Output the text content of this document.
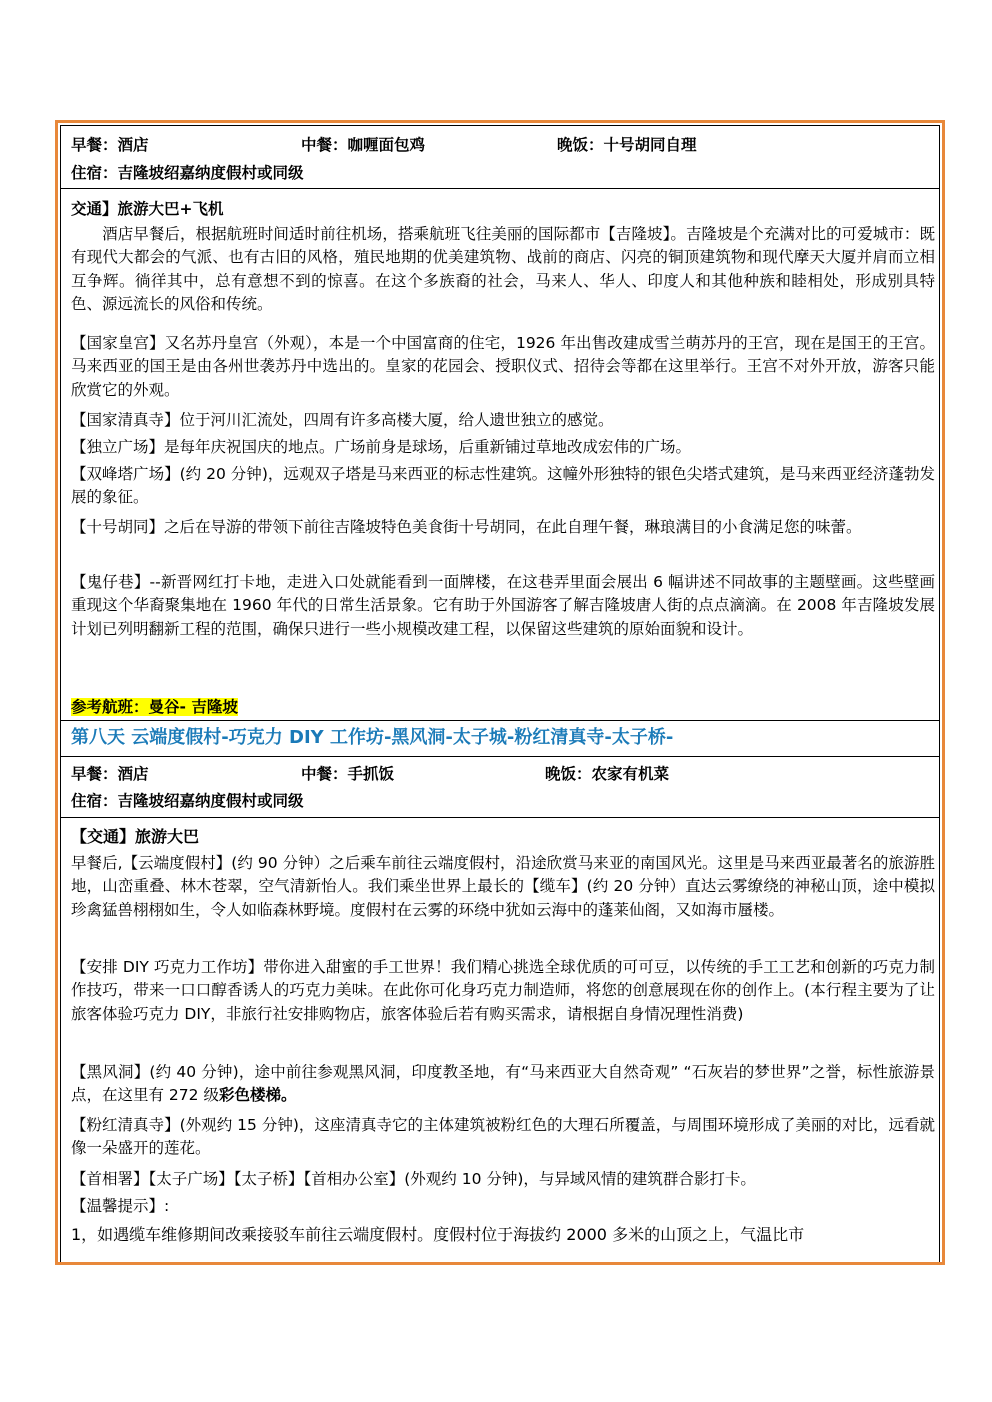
早餐：酒店	中餐：咖喱面包鸡	晚饭：十号胡同自理
住宿：吉隆坡绍嘉纳度假村或同级
交通】旅游大巴+飞机
　　酒店早餐后，根据航班时间适时前往机场，搭乘航班飞往美丽的国际都市【吉隆坡】。吉隆坡是个充满对比的可爱城市：既有现代大都会的气派、也有古旧的风格，殖民地期的优美建筑物、战前的商店、闪亮的铜顶建筑物和现代摩天大厦并肩而立相互争辉。徜徉其中，总有意想不到的惊喜。在这个多族裔的社会，马来人、华人、印度人和其他种族和睦相处，形成别具特色、源远流长的风俗和传统。
【国家皇宫】又名苏丹皇宫（外观），本是一个中国富商的住宅，1926 年出售改建成雪兰萌苏丹的王宫，现在是国王的王宫。马来西亚的国王是由各州世袭苏丹中选出的。皇家的花园会、授职仪式、招待会等都在这里举行。王宫不对外开放，游客只能欣赏它的外观。
【国家清真寺】位于河川汇流处，四周有许多高楼大厦，给人遗世独立的感觉。
【独立广场】是每年庆祝国庆的地点。广场前身是球场，后重新铺过草地改成宏伟的广场。
【双峰塔广场】(约 20 分钟)，远观双子塔是马来西亚的标志性建筑。这幢外形独特的银色尖塔式建筑，是马来西亚经济蓬勃发展的象征。
【十号胡同】之后在导游的带领下前往吉隆坡特色美食街十号胡同，在此自理午餐，琳琅满目的小食满足您的味蕾。
【鬼仔巷】--新晋网红打卡地，走进入口处就能看到一面牌楼，在这巷弄里面会展出 6 幅讲述不同故事的主题壁画。这些壁画重现这个华裔聚集地在 1960 年代的日常生活景象。它有助于外国游客了解吉隆坡唐人街的点点滴滴。在 2008 年吉隆坡发展计划已列明翻新工程的范围，确保只进行一些小规模改建工程，以保留这些建筑的原始面貌和设计。
参考航班：曼谷- 吉隆坡
第八天 云端度假村-巧克力 DIY 工作坊-黑风洞-太子城-粉红清真寺-太子桥-
早餐：酒店	中餐：手抓饭	晚饭：农家有机菜
住宿：吉隆坡绍嘉纳度假村或同级
【交通】旅游大巴
早餐后,【云端度假村】(约 90 分钟）之后乘车前往云端度假村，沿途欣赏马来亚的南国风光。这里是马来西亚最著名的旅游胜地，山峦重叠、林木苍翠，空气清新怡人。我们乘坐世界上最长的【缆车】(约 20 分钟）直达云雾缭绕的神秘山顶，途中模拟珍禽猛兽栩栩如生，令人如临森林野境。度假村在云雾的环绕中犹如云海中的蓬莱仙阁，又如海市蜃楼。
【安排 DIY 巧克力工作坊】带你进入甜蜜的手工世界！我们精心挑选全球优质的可可豆，以传统的手工工艺和创新的巧克力制作技巧，带来一口口醇香诱人的巧克力美味。在此你可化身巧克力制造师，将您的创意展现在你的创作上。(本行程主要为了让旅客体验巧克力 DIY，非旅行社安排购物店，旅客体验后若有购买需求，请根据自身情况理性消费)
【黑风洞】(约 40 分钟)，途中前往参观黑风洞，印度教圣地，有“马来西亚大自然奇观” “石灰岩的梦世界”之誉，标性旅游景点，在这里有 272 级彩色楼梯。
【粉红清真寺】(外观约 15 分钟)，这座清真寺它的主体建筑被粉红色的大理石所覆盖，与周围环境形成了美丽的对比，远看就像一朵盛开的莲花。
【首相署】【太子广场】【太子桥】【首相办公室】(外观约 10 分钟)，与异域风情的建筑群合影打卡。
【温馨提示】:
1，如遇缆车维修期间改乘接驳车前往云端度假村。度假村位于海拔约 2000 多米的山顶之上，气温比市
